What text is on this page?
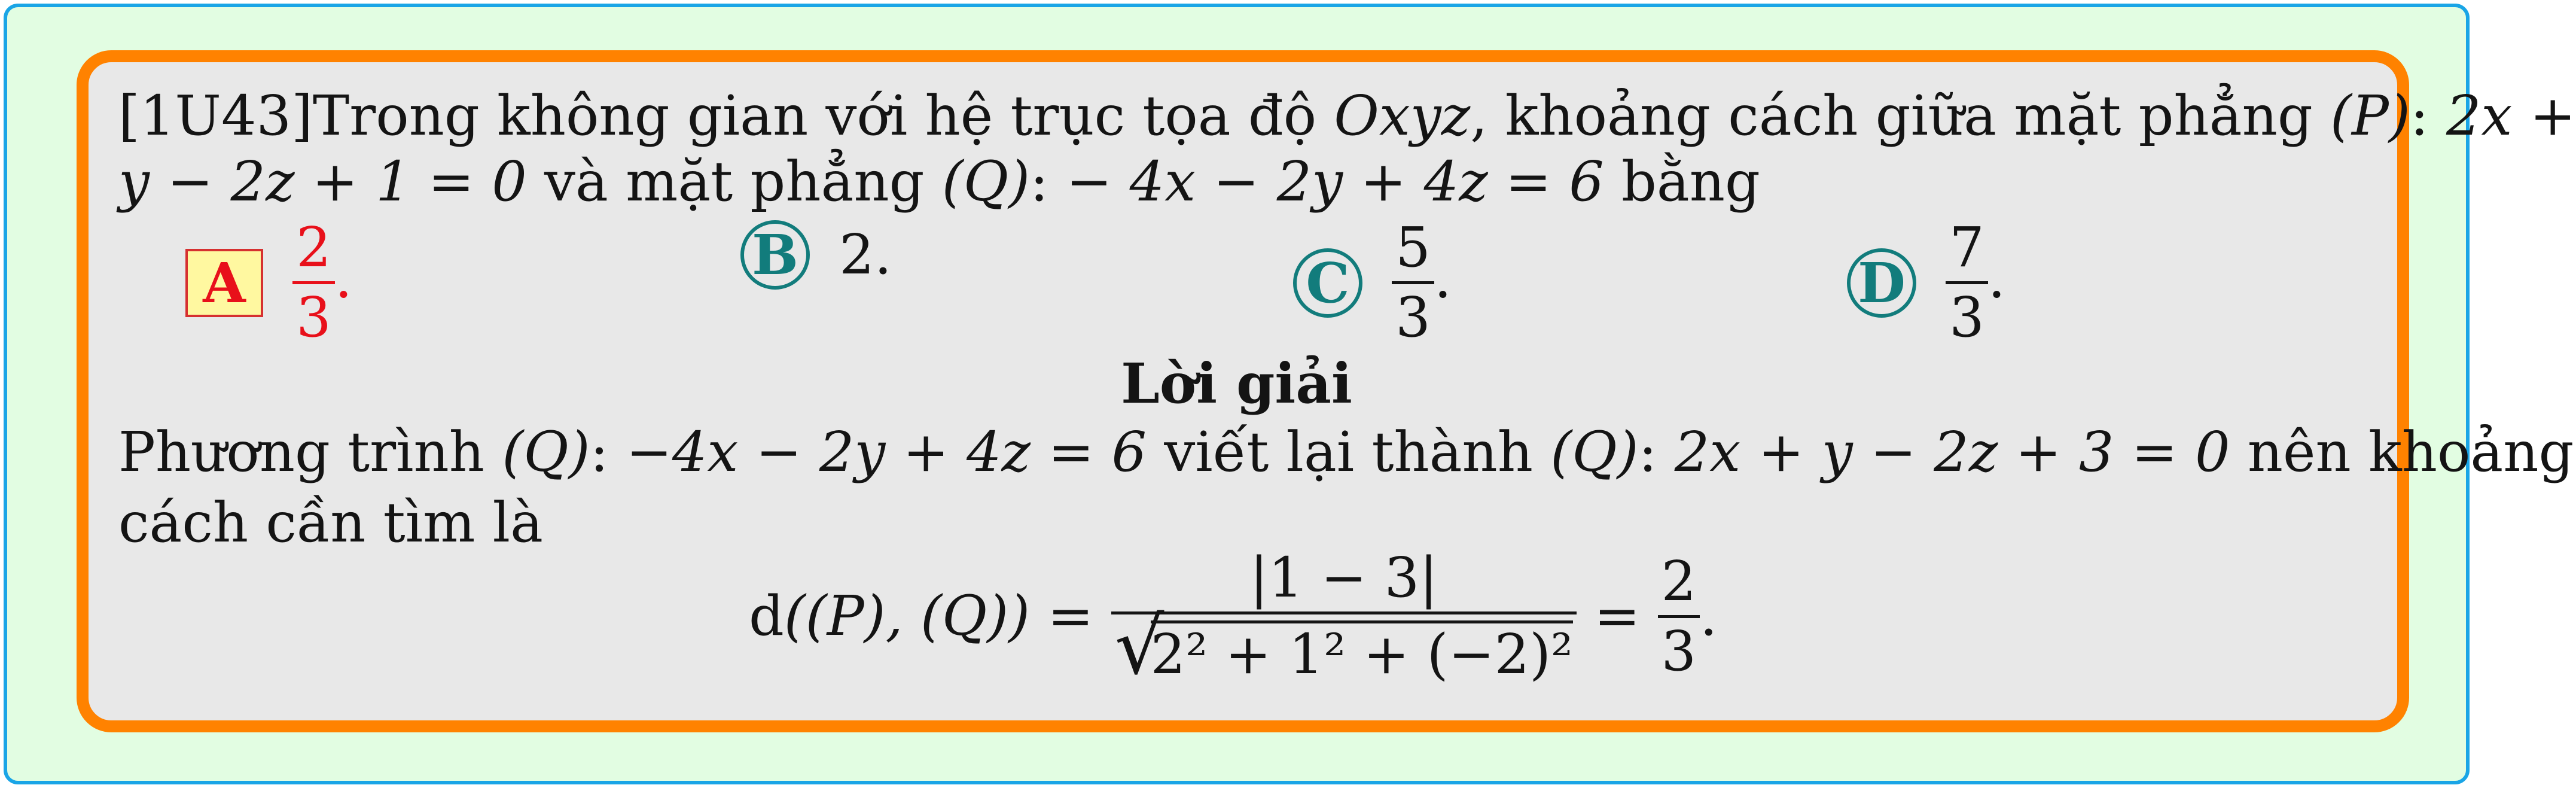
[1U43]Trong không gian với hệ trục tọa độ Oxyz, khoảng cách giữa mặt phẳng (P): 2x +
y − 2z + 1 = 0 và mặt phẳng (Q): − 4x − 2y + 4z = 6 bằng
A
2
3
.	B 2.	C
5
3
.	D
7
3
.
Lời giải
Phương trình (Q): −4x − 2y + 4z = 6 viết lại thành (Q): 2x + y − 2z + 3 = 0 nên khoảng
cách cần tìm là
d((P), (Q)) =
|1 − 3|
√
2² + 1² + (−2)²
=
2
3
.
